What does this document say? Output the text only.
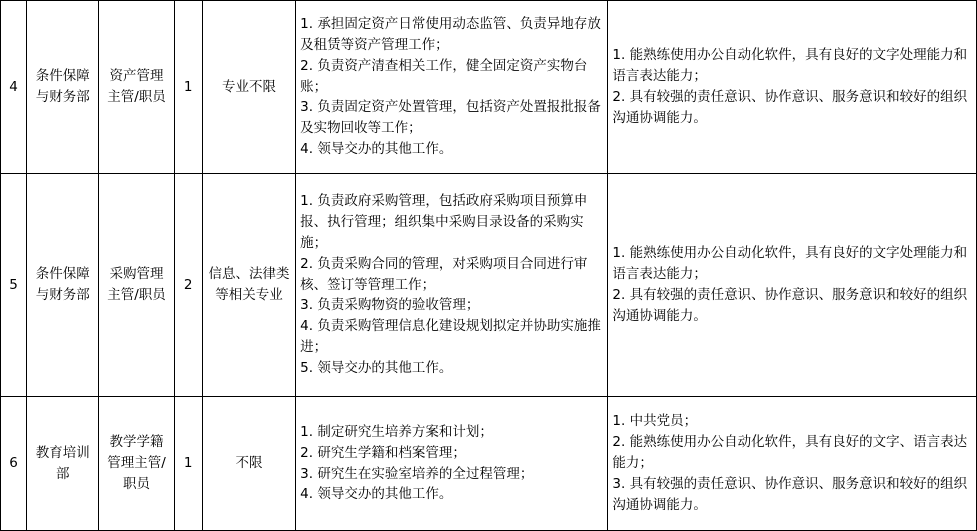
4	条件保障与财务部	资产管理主管/职员	1	专业不限	
1. 承担固定资产日常使用动态监管、负责异地存放及租赁等资产管理工作；
2. 负责资产清查相关工作，健全固定资产实物台账；
3. 负责固定资产处置管理，包括资产处置报批报备及实物回收等工作；
4. 领导交办的其他工作。

1. 能熟练使用办公自动化软件，具有良好的文字处理能力和语言表达能力；
2. 具有较强的责任意识、协作意识、服务意识和较好的组织沟通协调能力。

5	条件保障与财务部	采购管理主管/职员	2	信息、法律类等相关专业	
1. 负责政府采购管理，包括政府采购项目预算申报、执行管理；组织集中采购目录设备的采购实施；
2. 负责采购合同的管理，对采购项目合同进行审核、签订等管理工作；
3. 负责采购物资的验收管理；
4. 负责采购管理信息化建设规划拟定并协助实施推进；
5. 领导交办的其他工作。

1. 能熟练使用办公自动化软件，具有良好的文字处理能力和语言表达能力；
2. 具有较强的责任意识、协作意识、服务意识和较好的组织沟通协调能力。

6	教育培训部	教学学籍管理主管/职员	1	不限	
1. 制定研究生培养方案和计划；
2. 研究生学籍和档案管理；
3. 研究生在实验室培养的全过程管理；
4. 领导交办的其他工作。

1. 中共党员；
2. 能熟练使用办公自动化软件，具有良好的文字、语言表达能力；
3. 具有较强的责任意识、协作意识、服务意识和较好的组织沟通协调能力。
